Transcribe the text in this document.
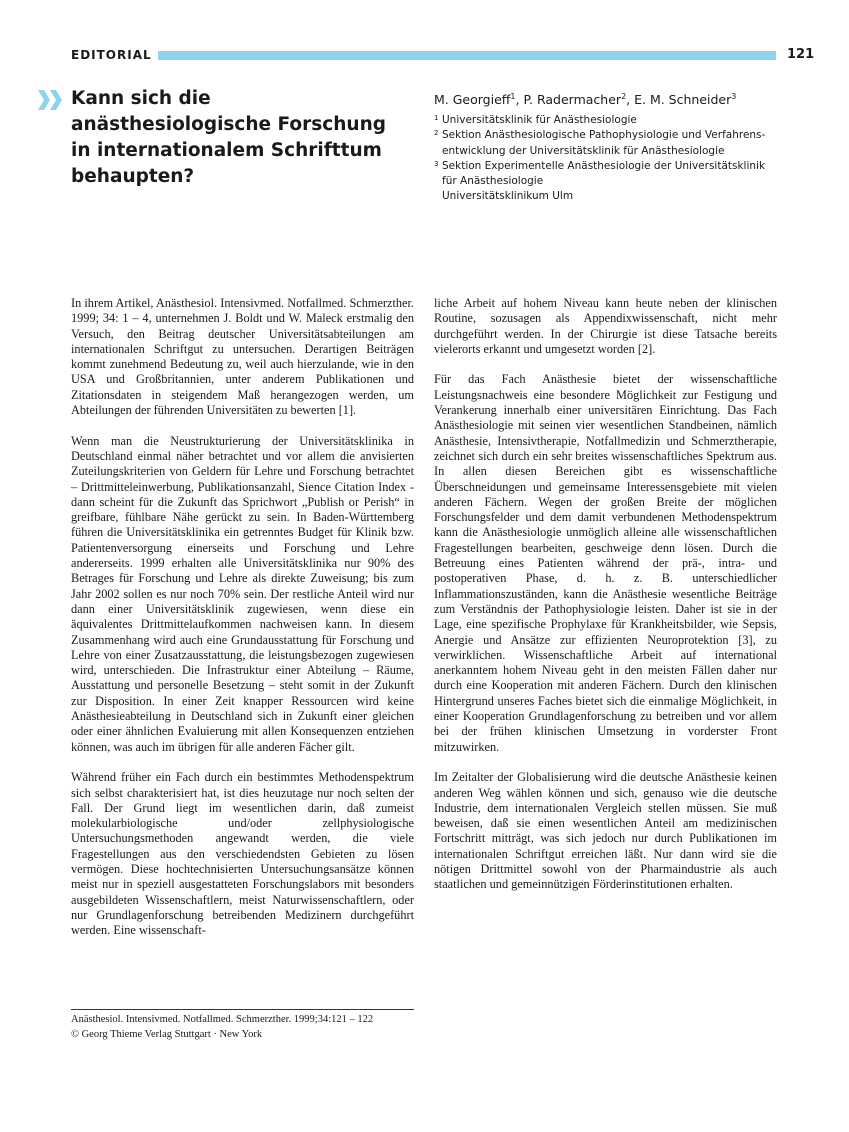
EDITORIAL	121
Kann sich die anästhesiologische Forschung in internationalem Schrifttum behaupten?
M. Georgieff$^1$, P. Radermacher$^2$, E. M. Schneider$^3$
1 Universitätsklinik für Anästhesiologie
2 Sektion Anästhesiologische Pathophysiologie und Verfahrens-
entwicklung der Universitätsklinik für Anästhesiologie
3 Sektion Experimentelle Anästhesiologie der Universitätsklinik
für Anästhesiologie
Universitätsklinikum Ulm

In ihrem Artikel, Anästhesiol. Intensivmed. Notfallmed. Schmerzther. 1999; 34: 1 – 4, unternehmen J. Boldt und W. Maleck erstmalig den Versuch, den Beitrag deutscher Universitätsabteilungen am internationalen Schriftgut zu untersuchen. Derartigen Beiträgen kommt zunehmend Bedeutung zu, weil auch hierzulande, wie in den USA und Großbritannien, unter anderem Publikationen und Zitationsdaten in steigendem Maß herangezogen werden, um Abteilungen der führenden Universitäten zu bewerten [1].

Wenn man die Neustrukturierung der Universitätsklinika in Deutschland einmal näher betrachtet und vor allem die anvisierten Zuteilungskriterien von Geldern für Lehre und Forschung betrachtet – Drittmitteleinwerbung, Publikationsanzahl, Sience Citation Index - dann scheint für die Zukunft das Sprichwort „Publish or Perish“ in greifbare, fühlbare Nähe gerückt zu sein. In Baden-Württemberg führen die Universitätsklinika ein getrenntes Budget für Klinik bzw. Patientenversorgung einerseits und Forschung und Lehre andererseits. 1999 erhalten alle Universitätsklinika nur 90% des Betrages für Forschung und Lehre als direkte Zuweisung; bis zum Jahr 2002 sollen es nur noch 70% sein. Der restliche Anteil wird nur dann einer Universitätsklinik zugewiesen, wenn diese ein äquivalentes Drittmittelaufkommen nachweisen kann. In diesem Zusammenhang wird auch eine Grundausstattung für Forschung und Lehre von einer Zusatzausstattung, die leistungsbezogen zugewiesen wird, unterschieden. Die Infrastruktur einer Abteilung – Räume, Ausstattung und personelle Besetzung – steht somit in der Zukunft zur Disposition. In einer Zeit knapper Ressourcen wird keine Anästhesieabteilung in Deutschland sich in Zukunft einer gleichen oder einer ähnlichen Evaluierung mit allen Konsequenzen entziehen können, was auch im übrigen für alle anderen Fächer gilt.

Während früher ein Fach durch ein bestimmtes Methodenspektrum sich selbst charakterisiert hat, ist dies heuzutage nur noch selten der Fall. Der Grund liegt im wesentlichen darin, daß zumeist molekularbiologische und/oder zellphysiologische Untersuchungsmethoden angewandt werden, die viele Fragestellungen aus den verschiedendsten Gebieten zu lösen vermögen. Diese hochtechnisierten Untersuchungsansätze können meist nur in speziell ausgestatteten Forschungslabors mit besonders ausgebildeten Wissenschaftlern, meist Naturwissenschaftlern, oder nur Grundlagenforschung betreibenden Medizinern durchgeführt werden. Eine wissenschaft-

liche Arbeit auf hohem Niveau kann heute neben der klinischen Routine, sozusagen als Appendixwissenschaft, nicht mehr durchgeführt werden. In der Chirurgie ist diese Tatsache bereits vielerorts erkannt und umgesetzt worden [2].

Für das Fach Anästhesie bietet der wissenschaftliche Leistungsnachweis eine besondere Möglichkeit zur Festigung und Verankerung innerhalb einer universitären Einrichtung. Das Fach Anästhesiologie mit seinen vier wesentlichen Standbeinen, nämlich Anästhesie, Intensivtherapie, Notfallmedizin und Schmerztherapie, zeichnet sich durch ein sehr breites wissenschaftliches Spektrum aus. In allen diesen Bereichen gibt es wissenschaftliche Überschneidungen und gemeinsame Interessensgebiete mit vielen anderen Fächern. Wegen der großen Breite der möglichen Forschungsfelder und dem damit verbundenen Methodenspektrum kann die Anästhesiologie unmöglich alleine alle wissenschaftlichen Fragestellungen bearbeiten, geschweige denn lösen. Durch die Betreuung eines Patienten während der prä-, intra- und postoperativen Phase, d. h. z. B. unterschiedlicher Inflammationszuständen, kann die Anästhesie wesentliche Beiträge zum Verständnis der Pathophysiologie leisten. Daher ist sie in der Lage, eine spezifische Prophylaxe für Krankheitsbilder, wie Sepsis, Anergie und Ansätze zur effizienten Neuroprotektion [3], zu verwirklichen. Wissenschaftliche Arbeit auf international anerkanntem hohem Niveau geht in den meisten Fällen daher nur durch eine Kooperation mit anderen Fächern. Durch den klinischen Hintergrund unseres Faches bietet sich die einmalige Möglichkeit, in einer Kooperation Grundlagenforschung zu betreiben und vor allem bei der frühen klinischen Umsetzung in vorderster Front mitzuwirken.

Im Zeitalter der Globalisierung wird die deutsche Anästhesie keinen anderen Weg wählen können und sich, genauso wie die deutsche Industrie, dem internationalen Vergleich stellen müssen. Sie muß beweisen, daß sie einen wesentlichen Anteil am medizinischen Fortschritt mitträgt, was sich jedoch nur durch Publikationen im internationalen Schriftgut erreichen läßt. Nur dann wird sie die nötigen Drittmittel sowohl von der Pharmaindustrie als auch staatlichen und gemeinnützigen Förderinstitutionen erhalten.

Anästhesiol. Intensivmed. Notfallmed. Schmerzther. 1999;34:121 – 122
© Georg Thieme Verlag Stuttgart · New York
